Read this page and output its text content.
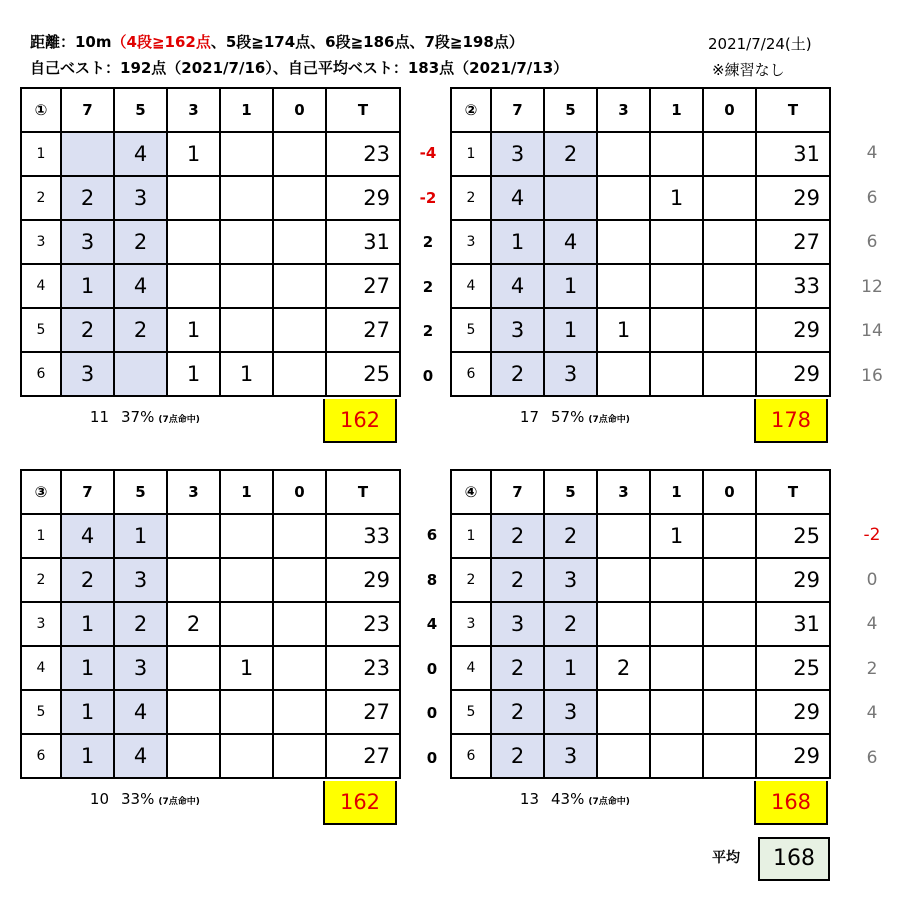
距離：10m（4段≧162点、5段≧174点、6段≧186点、7段≧198点）
自己ベスト：192点（2021/7/16）、自己平均ベスト：183点（2021/7/13）
2021/7/24(土)
※練習なし
-4
-2
2
2
2
0
①	7	5	3	1	0	T
1		4	1			23
2	2	3				29
3	3	2				31
4	1	4				27
5	2	2	1			27
6	3		1	1		25
11 37% (7点命中)	162
4
6
6
12
14
16
②	7	5	3	1	0	T
1	3	2				31
2	4			1		29
3	1	4				27
4	4	1				33
5	3	1	1			29
6	2	3				29
17 57% (7点命中)	178
6
8
4
0
0
0
③	7	5	3	1	0	T
1	4	1				33
2	2	3				29
3	1	2	2			23
4	1	3		1		23
5	1	4				27
6	1	4				27
10 33% (7点命中)	162
-2
0
4
2
4
6
④	7	5	3	1	0	T
1	2	2		1		25
2	2	3				29
3	3	2				31
4	2	1	2			25
5	2	3				29
6	2	3				29
13 43% (7点命中)	168
平均	168
